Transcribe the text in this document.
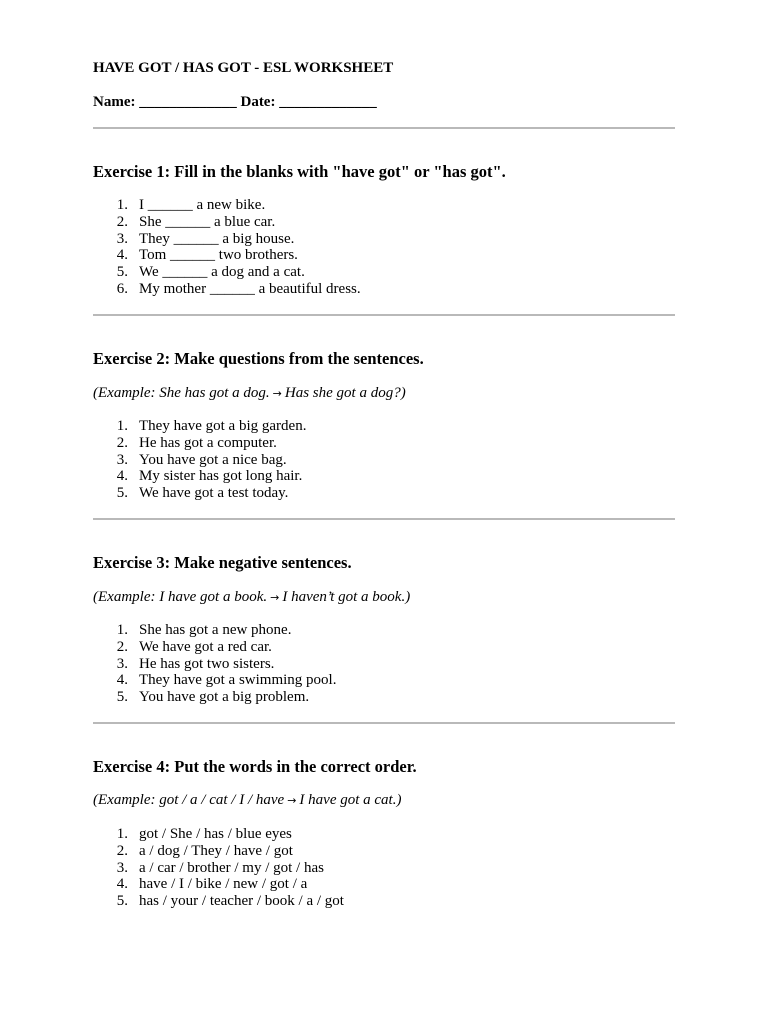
HAVE GOT / HAS GOT - ESL WORKSHEET
Name: _____________ Date: _____________
Exercise 1: Fill in the blanks with "have got" or "has got".
1. I ______ a new bike.
2. She ______ a blue car.
3. They ______ a big house.
4. Tom ______ two brothers.
5. We ______ a dog and a cat.
6. My mother ______ a beautiful dress.
Exercise 2: Make questions from the sentences.
(Example: She has got a dog. → Has she got a dog?)
1. They have got a big garden.
2. He has got a computer.
3. You have got a nice bag.
4. My sister has got long hair.
5. We have got a test today.
Exercise 3: Make negative sentences.
(Example: I have got a book. → I haven’t got a book.)
1. She has got a new phone.
2. We have got a red car.
3. He has got two sisters.
4. They have got a swimming pool.
5. You have got a big problem.
Exercise 4: Put the words in the correct order.
(Example: got / a / cat / I / have → I have got a cat.)
1. got / She / has / blue eyes
2. a / dog / They / have / got
3. a / car / brother / my / got / has
4. have / I / bike / new / got / a
5. has / your / teacher / book / a / got
